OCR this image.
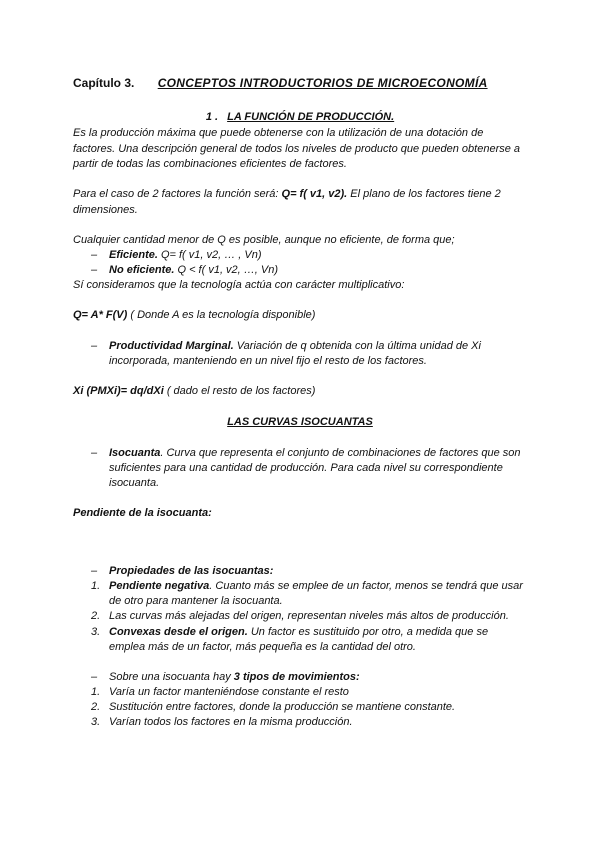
Capítulo 3. CONCEPTOS INTRODUCTORIOS DE MICROECONOMÍA
1 . LA FUNCIÓN DE PRODUCCIÓN.
Es la producción máxima que puede obtenerse con la utilización de una dotación de
factores. Una descripción general de todos los niveles de producto que pueden obtenerse a
partir de todas las combinaciones eficientes de factores.
Para el caso de 2 factores la función será: Q= f( v1, v2). El plano de los factores tiene 2
dimensiones.
Cualquier cantidad menor de Q es posible, aunque no eficiente, de forma que;
– Eficiente. Q= f( v1, v2, … , Vn)
– No eficiente. Q < f( v1, v2, …, Vn)
Sí consideramos que la tecnología actúa con carácter multiplicativo:
Q= A* F(V) ( Donde A es la tecnología disponible)
– Productividad Marginal. Variación de q obtenida con la última unidad de Xi
incorporada, manteniendo en un nivel fijo el resto de los factores.
Xi (PMXi)= dq/dXi ( dado el resto de los factores)
LAS CURVAS ISOCUANTAS
– Isocuanta. Curva que representa el conjunto de combinaciones de factores que son
suficientes para una cantidad de producción. Para cada nivel su correspondiente
isocuanta.
Pendiente de la isocuanta:
– Propiedades de las isocuantas:
1. Pendiente negativa. Cuanto más se emplee de un factor, menos se tendrá que usar
de otro para mantener la isocuanta.
2. Las curvas más alejadas del origen, representan niveles más altos de producción.
3. Convexas desde el origen. Un factor es sustituido por otro, a medida que se
emplea más de un factor, más pequeña es la cantidad del otro.
– Sobre una isocuanta hay 3 tipos de movimientos:
1. Varía un factor manteniéndose constante el resto
2. Sustitución entre factores, donde la producción se mantiene constante.
3. Varían todos los factores en la misma producción.
